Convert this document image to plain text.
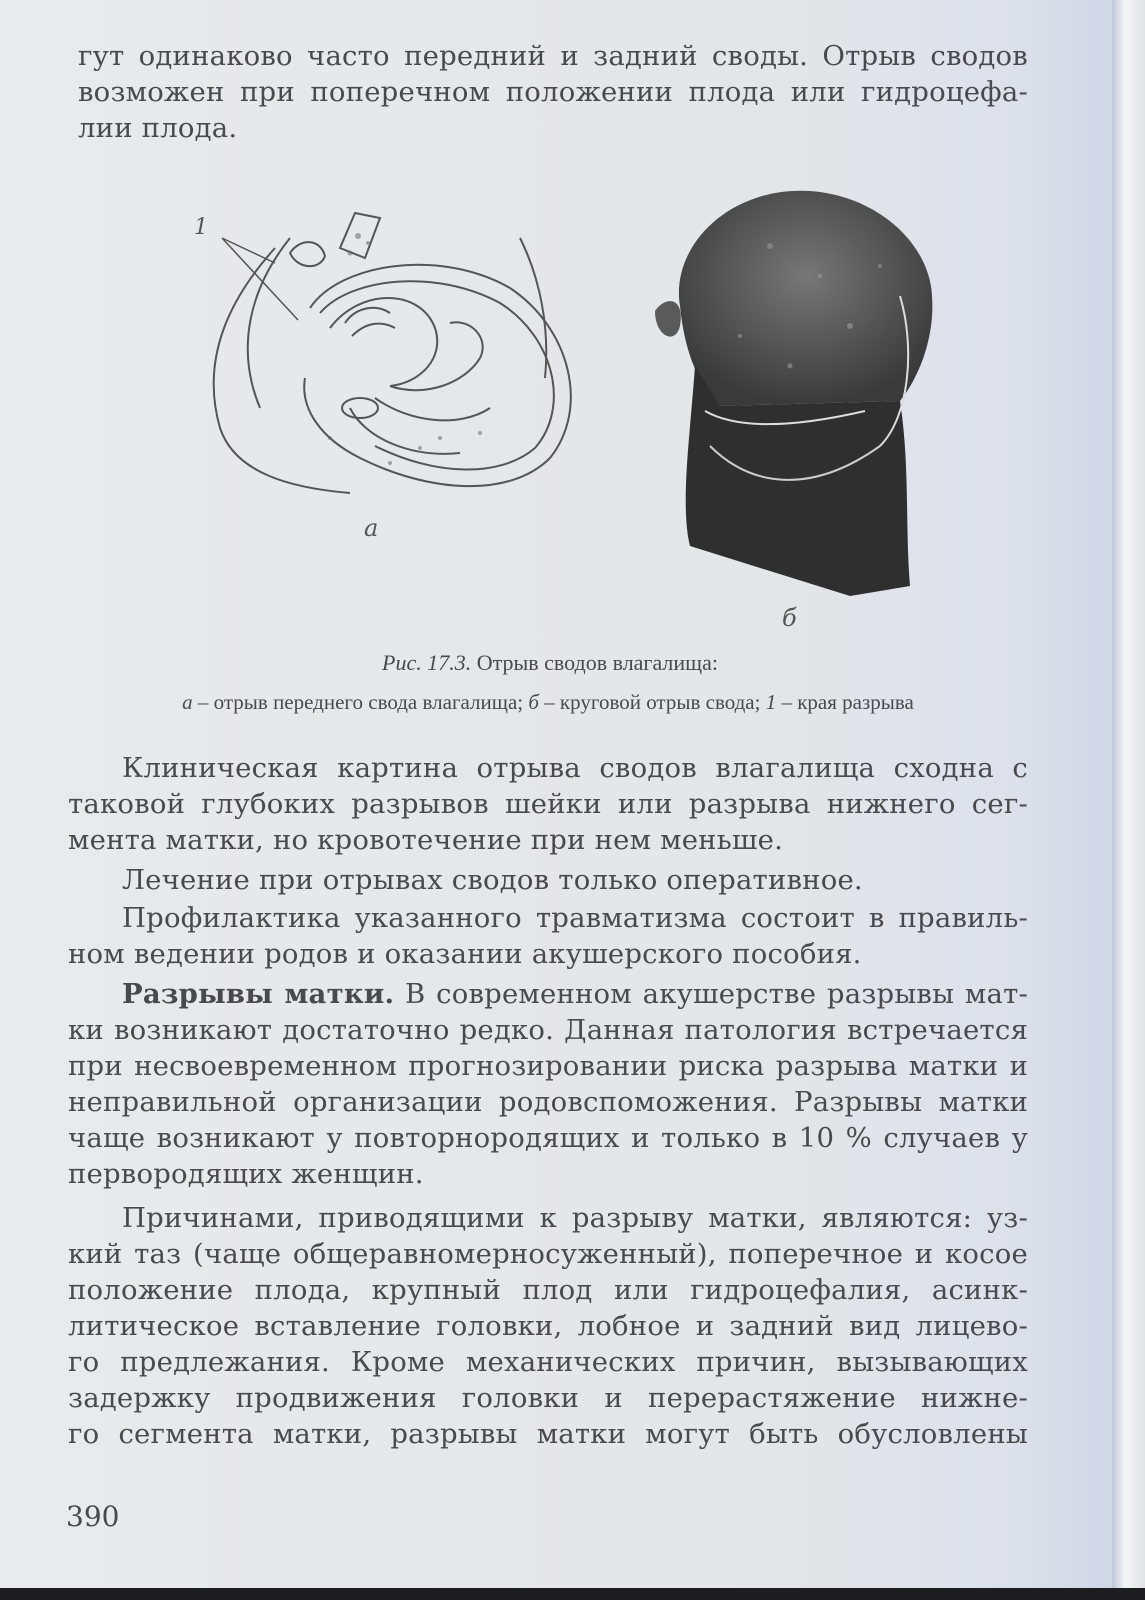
гут одинаково часто передний и задний своды. Отрыв сводов
возможен при поперечном положении плода или гидроцефа-
лии плода.
1
а
б
Рис. 17.3. Отрыв сводов влагалища:
а – отрыв переднего свода влагалища; б – круговой отрыв свода; 1 – края разрыва
Клиническая картина отрыва сводов влагалища сходна с
таковой глубоких разрывов шейки или разрыва нижнего сег-
мента матки, но кровотечение при нем меньше.
Лечение при отрывах сводов только оперативное.
Профилактика указанного травматизма состоит в правиль-
ном ведении родов и оказании акушерского пособия.
Разрывы матки. В современном акушерстве разрывы мат-
ки возникают достаточно редко. Данная патология встречается
при несвоевременном прогнозировании риска разрыва матки и
неправильной организации родовспоможения. Разрывы матки
чаще возникают у повторнородящих и только в 10 % случаев у
первородящих женщин.
Причинами, приводящими к разрыву матки, являются: уз-
кий таз (чаще общеравномерносуженный), поперечное и косое
положение плода, крупный плод или гидроцефалия, асинк-
литическое вставление головки, лобное и задний вид лицево-
го предлежания. Кроме механических причин, вызывающих
задержку продвижения головки и перерастяжение нижне-
го сегмента матки, разрывы матки могут быть обусловлены
390
